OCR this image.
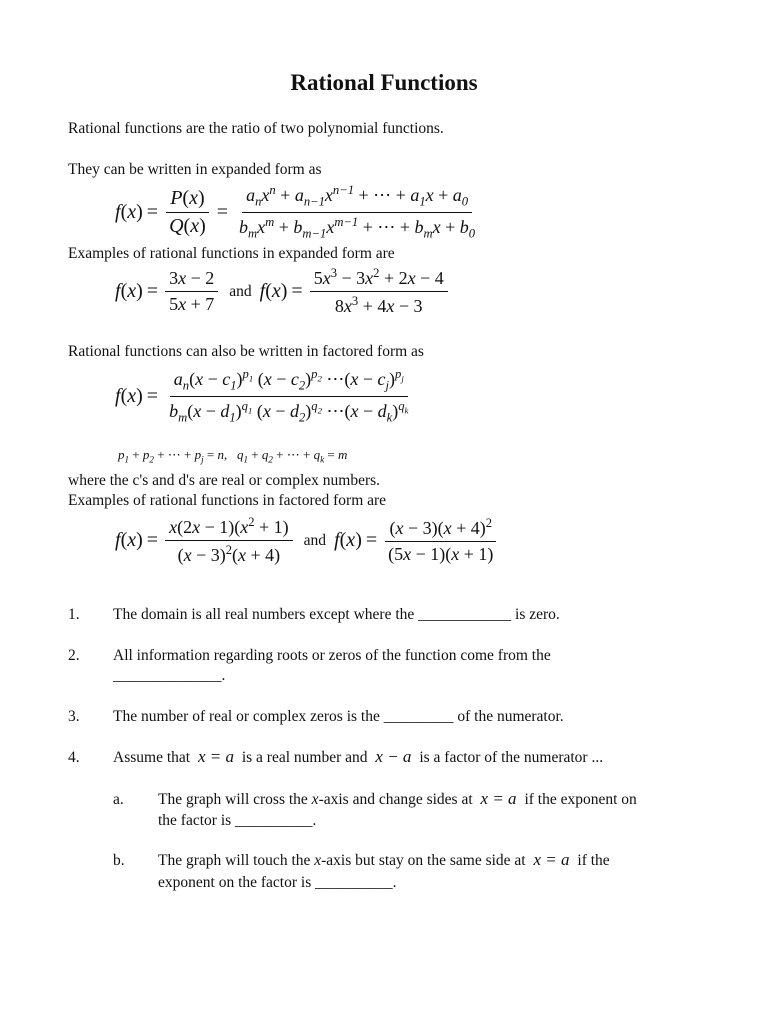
Rational Functions
Rational functions are the ratio of two polynomial functions.
They can be written in expanded form as
f ( x ) = $\frac{P(x)}{Q(x)} = \frac{a_nx^n + a_{n-1}x^{n-1} + \cdots + a_1x + a_0}{b_mx^m + b_{m-1}x^{m-1} + \cdots + b_mx + b_0}$
Examples of rational functions in expanded form are
f ( x ) = $\frac{3x - 2}{5x + 7}$ and f ( x ) = $\frac{5x^3 - 3x^2 + 2x - 4}{8x^3 + 4x - 3}$
Rational functions can also be written in factored form as
f ( x ) = $\frac{a_n(x - c_1)^{p_1} (x - c_2)^{p_2} \cdots(x - c_j)^{p_j}}{b_m(x - d_1)^{q_1} (x - d_2)^{q_2} \cdots(x - d_k)^{q_k}}$
$p_1 + p_2$ + ⋯ + $p_j = n$,   $q_1 + q_2$ + ⋯ + $q_k = m$
where the c's and d's are real or complex numbers.
Examples of rational functions in factored form are
f ( x ) = $\frac{x(2x - 1)(x^2 + 1)}{(x - 3)^2(x + 4)}$ and f ( x ) = $\frac{(x - 3)(x + 4)^2}{(5x - 1)(x + 1)}$
1. The domain is all real numbers except where the ____________ is zero.
2. All information regarding roots or zeros of the function come from the
______________.
3. The number of real or complex zeros is the _________ of the numerator.
4. Assume that x = a is a real number and x − a is a factor of the numerator ...
a. The graph will cross the x-axis and change sides at x = a if the exponent on
the factor is __________.
b. The graph will touch the x-axis but stay on the same side at x = a if the
exponent on the factor is __________.
